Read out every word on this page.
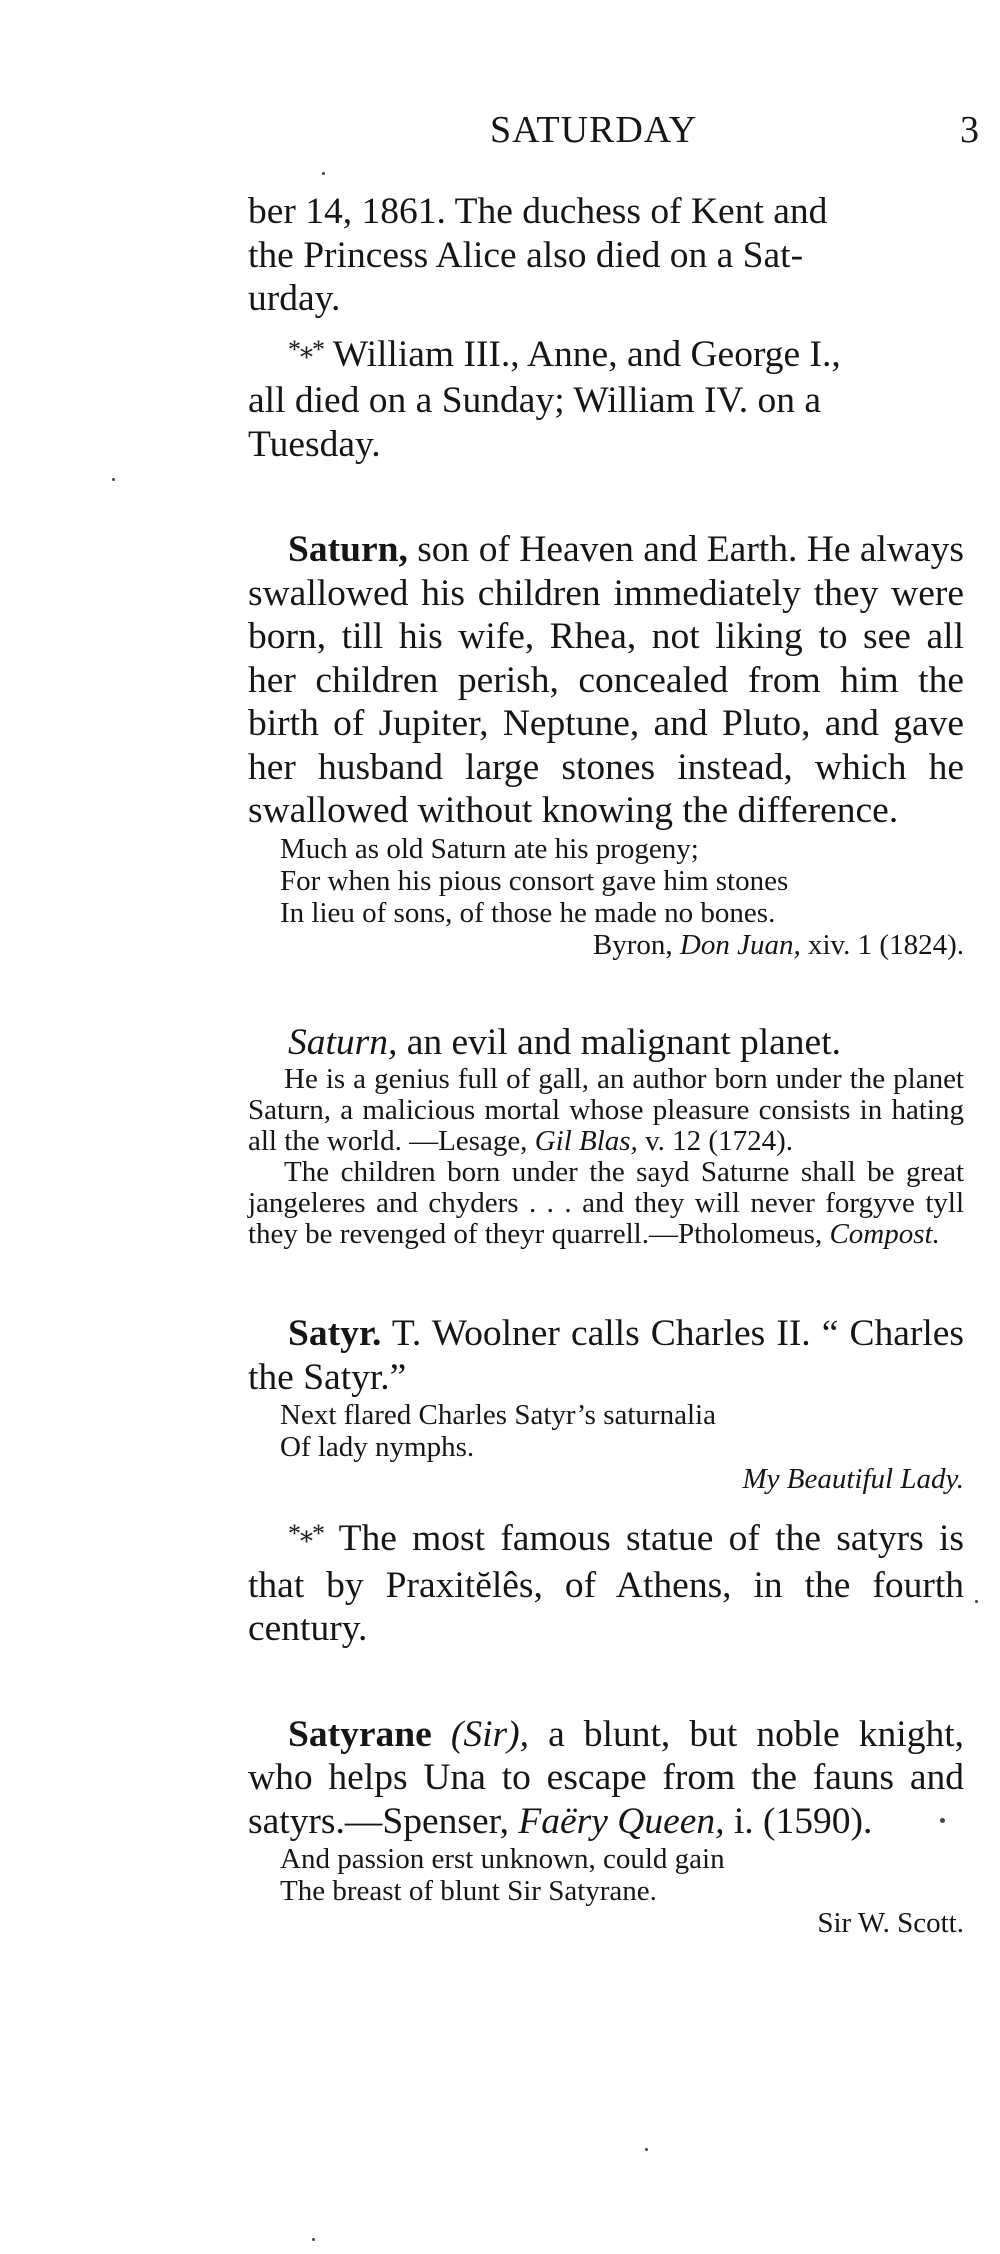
SATURDAY	3

ber 14, 1861. The duchess of Kent and
the Princess Alice also died on a Sat-
urday.

*⁎* William III., Anne, and George I.,
all died on a Sunday; William IV. on a
Tuesday.

Saturn, son of Heaven and Earth. He always swallowed his children immediately they were born, till his wife, Rhea, not liking to see all her children perish, concealed from him the birth of Jupiter, Neptune, and Pluto, and gave her husband large stones instead, which he swallowed without knowing the difference.

Much as old Saturn ate his progeny;
For when his pious consort gave him stones
In lieu of sons, of those he made no bones.
Byron, Don Juan, xiv. 1 (1824).

Saturn, an evil and malignant planet.

He is a genius full of gall, an author born under the planet Saturn, a malicious mortal whose pleasure consists in hating all the world. —Lesage, Gil Blas, v. 12 (1724).

The children born under the sayd Saturne shall be great jangeleres and chyders . . . and they will never forgyve tyll they be revenged of theyr quarrell.—Ptholomeus, Compost.

Satyr. T. Woolner calls Charles II. “ Charles the Satyr.”

Next flared Charles Satyr’s saturnalia
Of lady nymphs.
My Beautiful Lady.

*⁎* The most famous statue of the satyrs is that by Praxitĕlês, of Athens, in the fourth century.

Satyrane (Sir), a blunt, but noble knight, who helps Una to escape from the fauns and satyrs.—Spenser, Faëry Queen, i. (1590).

And passion erst unknown, could gain
The breast of blunt Sir Satyrane.
Sir W. Scott.
